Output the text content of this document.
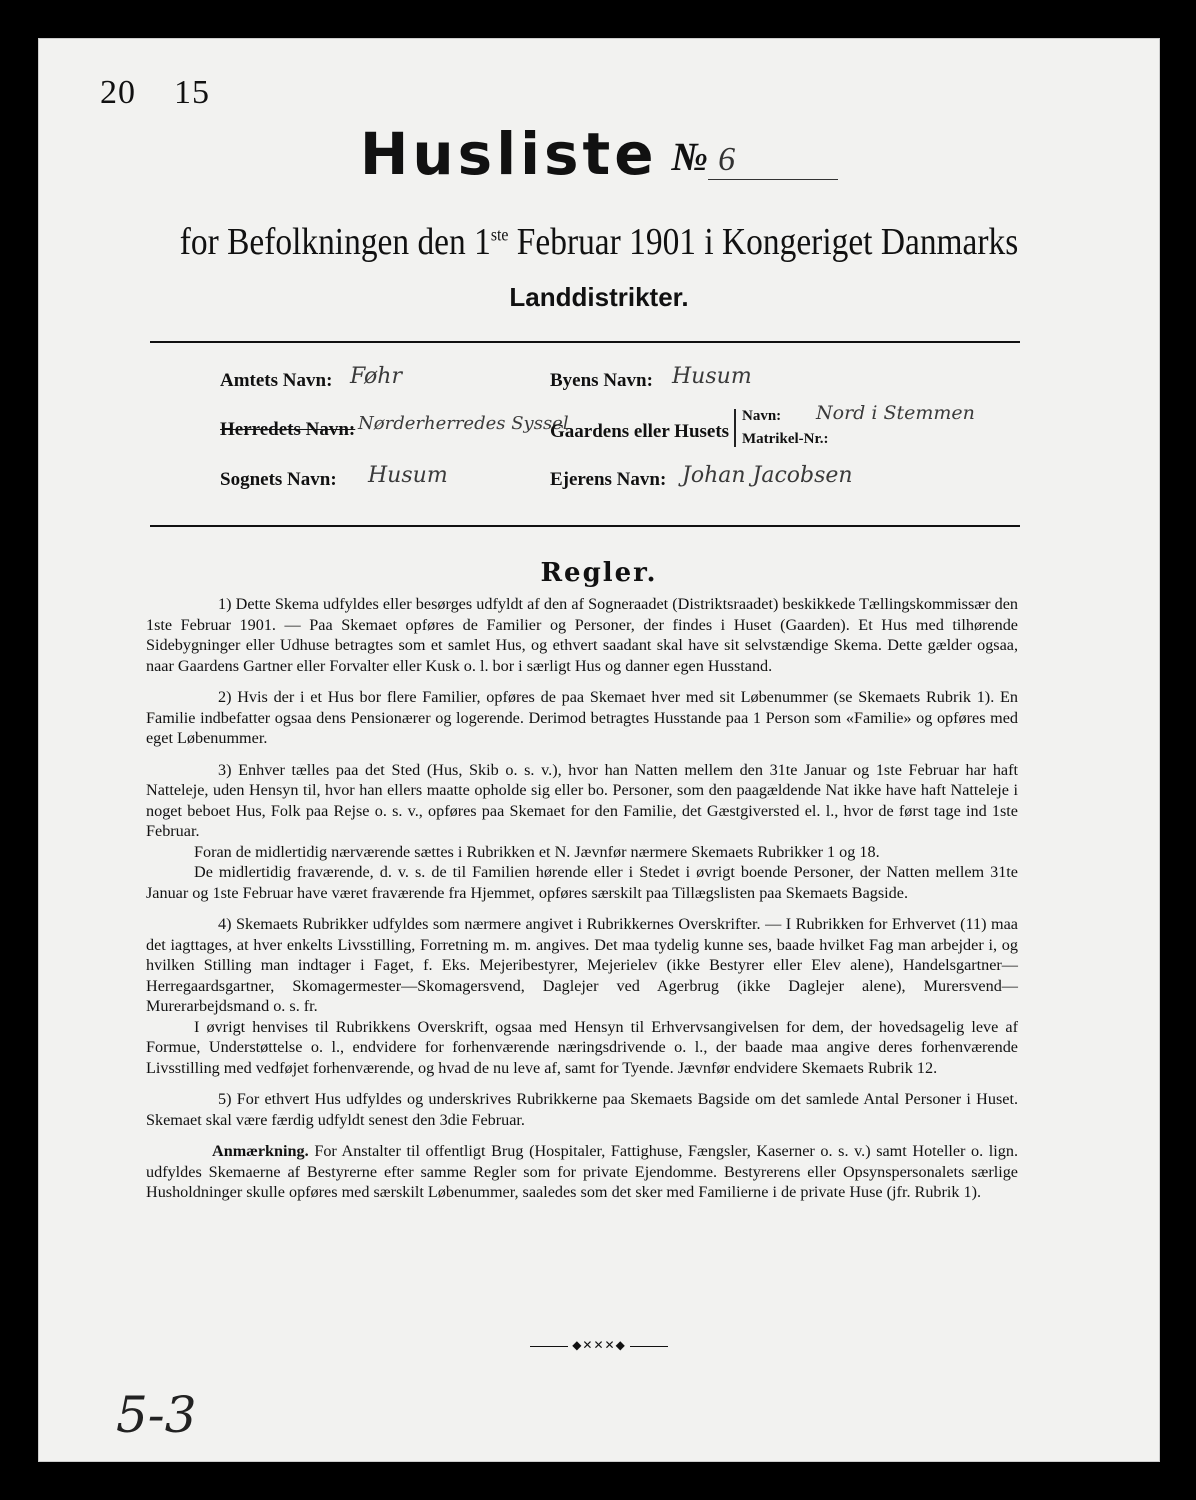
20 15
Husliste № 6
for Befolkningen den 1ste Februar 1901 i Kongeriget Danmarks
Landdistrikter.
Amtets Navn: Føhr	Byens Navn: Husum
Herredets Navn: Nørderherredes Syssel
Gaardens eller Husets
Navn: Nord i Stemmen
Matrikel-Nr.:
Sognets Navn: Husum	Ejerens Navn: Johan Jacobsen
Regler.

1) Dette Skema udfyldes eller besørges udfyldt af den af Sogneraadet (Distriktsraadet) beskikkede Tællingskommissær den 1ste Februar 1901. — Paa Skemaet opføres de Familier og Personer, der findes i Huset (Gaarden). Et Hus med tilhørende Sidebygninger eller Udhuse betragtes som et samlet Hus, og ethvert saadant skal have sit selvstændige Skema. Dette gælder ogsaa, naar Gaardens Gartner eller Forvalter eller Kusk o. l. bor i særligt Hus og danner egen Husstand.

2) Hvis der i et Hus bor flere Familier, opføres de paa Skemaet hver med sit Løbenummer (se Skemaets Rubrik 1). En Familie indbefatter ogsaa dens Pensionærer og logerende. Derimod betragtes Husstande paa 1 Person som «Familie» og opføres med eget Løbenummer.

3) Enhver tælles paa det Sted (Hus, Skib o. s. v.), hvor han Natten mellem den 31te Januar og 1ste Februar har haft Natteleje, uden Hensyn til, hvor han ellers maatte opholde sig eller bo. Personer, som den paagældende Nat ikke have haft Natteleje i noget beboet Hus, Folk paa Rejse o. s. v., opføres paa Skemaet for den Familie, det Gæstgiversted el. l., hvor de først tage ind 1ste Februar.

Foran de midlertidig nærværende sættes i Rubrikken et N. Jævnfør nærmere Skemaets Rubrikker 1 og 18.

De midlertidig fraværende, d. v. s. de til Familien hørende eller i Stedet i øvrigt boende Personer, der Natten mellem 31te Januar og 1ste Februar have været fraværende fra Hjemmet, opføres særskilt paa Tillægslisten paa Skemaets Bagside.

4) Skemaets Rubrikker udfyldes som nærmere angivet i Rubrikkernes Overskrifter. — I Rubrikken for Erhvervet (11) maa det iagttages, at hver enkelts Livsstilling, Forretning m. m. angives. Det maa tydelig kunne ses, baade hvilket Fag man arbejder i, og hvilken Stilling man indtager i Faget, f. Eks. Mejeribestyrer, Mejerielev (ikke Bestyrer eller Elev alene), Handelsgartner—Herregaardsgartner, Skomagermester—Skomagersvend, Daglejer ved Agerbrug (ikke Daglejer alene), Murersvend—Murerarbejdsmand o. s. fr.

I øvrigt henvises til Rubrikkens Overskrift, ogsaa med Hensyn til Erhvervsangivelsen for dem, der hovedsagelig leve af Formue, Understøttelse o. l., endvidere for forhenværende næringsdrivende o. l., der baade maa angive deres forhenværende Livsstilling med vedføjet forhenværende, og hvad de nu leve af, samt for Tyende. Jævnfør endvidere Skemaets Rubrik 12.

5) For ethvert Hus udfyldes og underskrives Rubrikkerne paa Skemaets Bagside om det samlede Antal Personer i Huset. Skemaet skal være færdig udfyldt senest den 3die Februar.

Anmærkning. For Anstalter til offentligt Brug (Hospitaler, Fattighuse, Fængsler, Kaserner o. s. v.) samt Hoteller o. lign. udfyldes Skemaerne af Bestyrerne efter samme Regler som for private Ejendomme. Bestyrerens eller Opsynspersonalets særlige Husholdninger skulle opføres med særskilt Løbenummer, saaledes som det sker med Familierne i de private Huse (jfr. Rubrik 1).

◆✕✕✕◆
5-3
